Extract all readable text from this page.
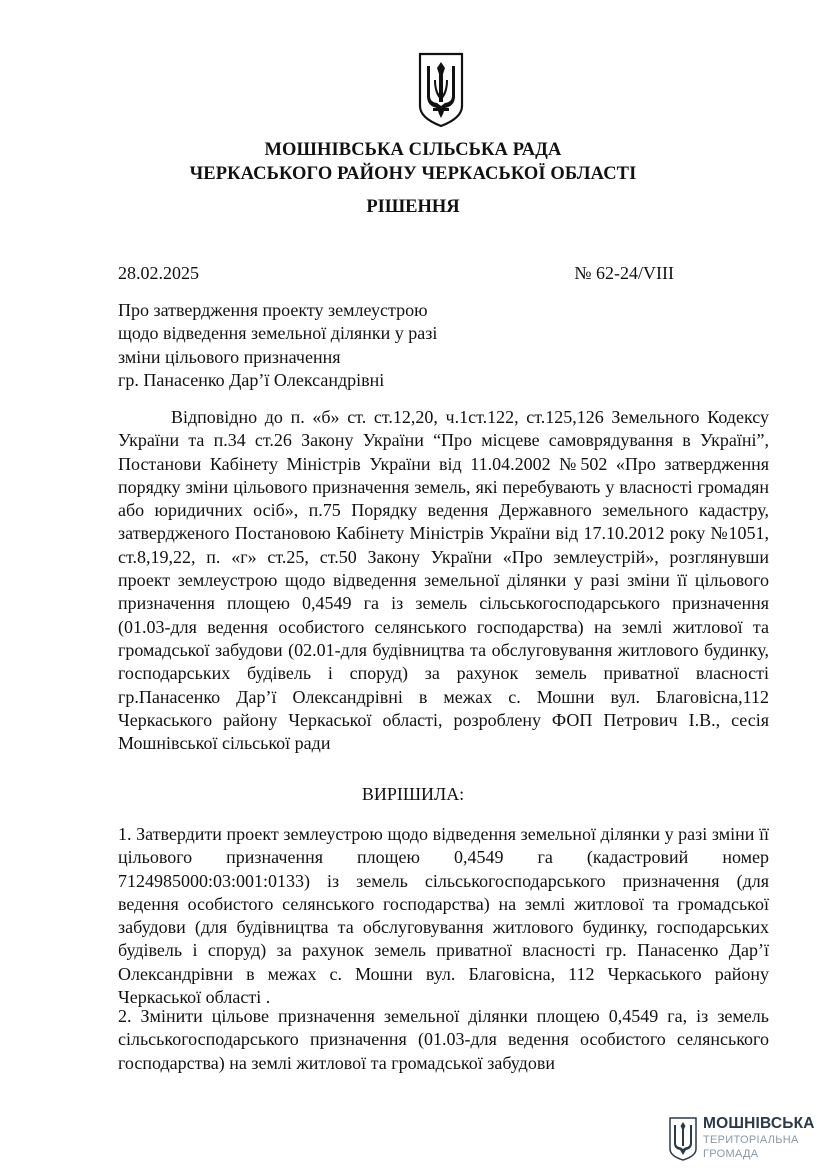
МОШНІВСЬКА СІЛЬСЬКА РАДА
ЧЕРКАСЬКОГО РАЙОНУ ЧЕРКАСЬКОЇ ОБЛАСТІ
РІШЕННЯ
28.02.2025	№ 62-24/VIII
Про затвердження проекту землеустрою
щодо відведення земельної ділянки у разі
зміни цільового призначення
гр. Панасенко Дар’ї Олександрівні

Відповідно до п. «б» ст. ст.12,20, ч.1ст.122, ст.125,126 Земельного Кодексу України та п.34 ст.26 Закону України “Про місцеве самоврядування в Україні”, Постанови Кабінету Міністрів України від 11.04.2002 №502 «Про затвердження порядку зміни цільового призначення земель, які перебувають у власності громадян або юридичних осіб», п.75 Порядку ведення Державного земельного кадастру, затвердженого Постановою Кабінету Міністрів України від 17.10.2012 року №1051, ст.8,19,22, п. «г» ст.25, ст.50 Закону України «Про землеустрій», розглянувши проект землеустрою щодо відведення земельної ділянки у разі зміни її цільового призначення площею 0,4549 га із земель сільськогосподарського призначення (01.03-для ведення особистого селянського господарства) на землі житлової та громадської забудови (02.01-для будівництва та обслуговування житлового будинку, господарських будівель і споруд) за рахунок земель приватної власності гр.Панасенко Дар’ї Олександрівні в межах с. Мошни вул. Благовісна,112 Черкаського району Черкаської області, розроблену ФОП Петрович І.В., сесія Мошнівської сільської ради

ВИРІШИЛА:

1. Затвердити проект землеустрою щодо відведення земельної ділянки у разі зміни її цільового призначення площею 0,4549 га (кадастровий номер 7124985000:03:001:0133) із земель сільськогосподарського призначення (для ведення особистого селянського господарства) на землі житлової та громадської забудови (для будівництва та обслуговування житлового будинку, господарських будівель і споруд) за рахунок земель приватної власності гр. Панасенко Дар’ї Олександрівни в межах с. Мошни вул. Благовісна, 112 Черкаського району Черкаської області .

2. Змінити цільове призначення земельної ділянки площею 0,4549 га, із земель сільськогосподарського призначення (01.03-для ведення особистого селянського господарства) на землі житлової та громадської забудови

МОШНІВСЬКА
ТЕРИТОРІАЛЬНА
ГРОМАДА
